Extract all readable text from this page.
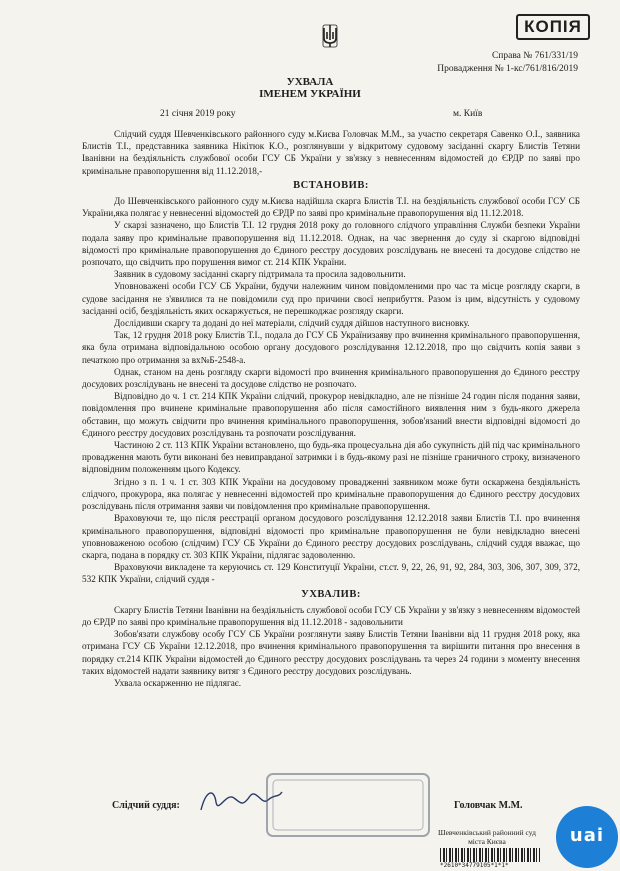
КОПІЯ
Справа № 761/331/19
Провадження № 1-кс/761/816/2019
УХВАЛА
ІМЕНЕМ УКРАЇНИ
21 січня 2019 року	м. Київ

Слідчий суддя Шевченківського районного суду м.Києва Головчак М.М., за участю секретаря Савенко О.І., заявника Блистів Т.І., представника заявника Нікітюк К.О., розглянувши у відкритому судовому засіданні скаргу Блистів Тетяни Іванівни на бездіяльність службової особи ГСУ СБ України у зв'язку з невнесенням відомостей до ЄРДР по заяві про кримінальне правопорушення від 11.12.2018,-

ВСТАНОВИВ:

До Шевченківського районного суду м.Києва надійшла скарга Блистів Т.І. на бездіяльність службової особи ГСУ СБ України,яка полягає у невнесенні відомостей до ЄРДР по заяві про кримінальне правопорушення від 11.12.2018.

У скарзі зазначено, що Блистів Т.І. 12 грудня 2018 року до головного слідчого управління Служби безпеки України подала заяву про кримінальне правопорушення від 11.12.2018. Однак, на час звернення до суду зі скаргою відповідні відомості про кримінальне правопорушення до Єдиного реєстру досудових розслідувань не внесені та досудове слідство не розпочато, що свідчить про порушення вимог ст. 214 КПК України.

Заявник в судовому засіданні скаргу підтримала та просила задовольнити.

Уповноважені особи ГСУ СБ України, будучи належним чином повідомленими про час та місце розгляду скарги, в судове засідання не з'явилися та не повідомили суд про причини своєї неприбуття. Разом із цим, відсутність у судовому засіданні осіб, бездіяльність яких оскаржується, не перешкоджає розгляду скарги.

Дослідивши скаргу та додані до неї матеріали, слідчий суддя дійшов наступного висновку.

Так, 12 грудня 2018 року Блистів Т.І., подала до ГСУ СБ Українизаяву про вчинення кримінального правопорушення, яка була отримана відповідальною особою органу досудового розслідування 12.12.2018, про що свідчить копія заяви з печаткою про отримання за вх№Б-2548-а.

Однак, станом на день розгляду скарги відомості про вчинення кримінального правопорушення до Єдиного реєстру досудових розслідувань не внесені та досудове слідство не розпочато.

Відповідно до ч. 1 ст. 214 КПК України слідчий, прокурор невідкладно, але не пізніше 24 годин після подання заяви, повідомлення про вчинене кримінальне правопорушення або після самостійного виявлення ним з будь-якого джерела обставин, що можуть свідчити про вчинення кримінального правопорушення, зобов'язаний внести відповідні відомості до Єдиного реєстру досудових розслідувань та розпочати розслідування.

Частиною 2 ст. 113 КПК України встановлено, що будь-яка процесуальна дія або сукупність дій під час кримінального провадження мають бути виконані без невиправданої затримки і в будь-якому разі не пізніше граничного строку, визначеного відповідним положенням цього Кодексу.

Згідно з п. 1 ч. 1 ст. 303 КПК України на досудовому провадженні заявником може бути оскаржена бездіяльність слідчого, прокурора, яка полягає у невнесенні відомостей про кримінальне правопорушення до Єдиного реєстру досудових розслідувань після отримання заяви чи повідомлення про кримінальне правопорушення.

Враховуючи те, що після реєстрації органом досудового розслідування 12.12.2018 заяви Блистів Т.І. про вчинення кримінального правопорушення, відповідні відомості про кримінальне правопорушення не були невідкладно внесені уповноваженою особою (слідчим) ГСУ СБ України до Єдиного реєстру досудових розслідувань, слідчий суддя вважає, що скарга, подана в порядку ст. 303 КПК України, підлягає задоволенню.

Враховуючи викладене та керуючись ст. 129 Конституції України, ст.ст. 9, 22, 26, 91, 92, 284, 303, 306, 307, 309, 372, 532 КПК України, слідчий суддя -

УХВАЛИВ:

Скаргу Блистів Тетяни Іванівни на бездіяльність службової особи ГСУ СБ України у зв'язку з невнесенням відомостей до ЄРДР по заяві про кримінальне правопорушення від 11.12.2018 - задовольнити

Зобов'язати службову особу ГСУ СБ України розглянути заяву Блистів Тетяни Іванівни від 11 грудня 2018 року, яка отримана ГСУ СБ України 12.12.2018, про вчинення кримінального правопорушення та вирішити питання про внесення в порядку ст.214 КПК України відомостей до Єдиного реєстру досудових розслідувань та через 24 години з моменту внесення таких відомостей надати заявнику витяг з Єдиного реєстру досудових розслідувань.

Ухвала оскарженню не підлягає.

Слідчий суддя:	Головчак М.М.
Шевченківський районний суд
міста Києва
*2610*34779105*1*1*
uai
